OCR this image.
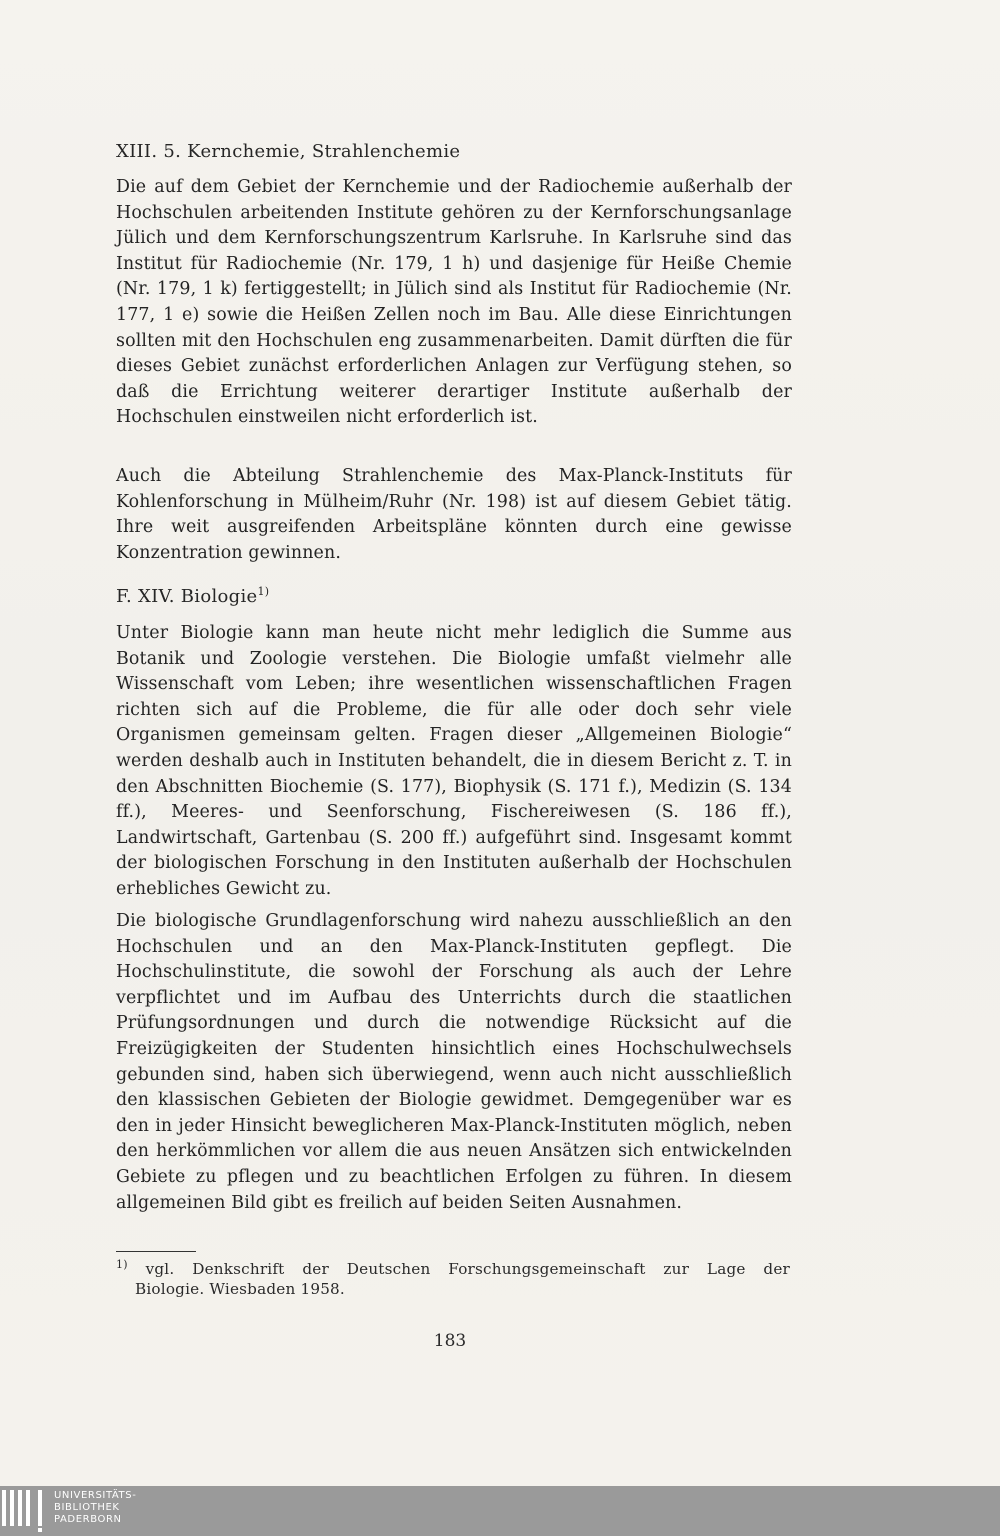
XIII. 5. Kernchemie, Strahlenchemie

Die auf dem Gebiet der Kernchemie und der Radiochemie außerhalb der Hochschulen arbeitenden Institute gehören zu der Kernforschungsanlage Jülich und dem Kernforschungszentrum Karlsruhe. In Karlsruhe sind das Institut für Radiochemie (Nr. 179, 1 h) und dasjenige für Heiße Chemie (Nr. 179, 1 k) fertiggestellt; in Jülich sind als Institut für Radiochemie (Nr. 177, 1 e) sowie die Heißen Zellen noch im Bau. Alle diese Einrichtungen sollten mit den Hochschulen eng zusammenarbeiten. Damit dürften die für dieses Gebiet zunächst erforderlichen Anlagen zur Verfügung stehen, so daß die Errichtung weiterer derartiger Institute außerhalb der Hochschulen einstweilen nicht erforderlich ist.

Auch die Abteilung Strahlenchemie des Max-Planck-Instituts für Kohlenforschung in Mülheim/Ruhr (Nr. 198) ist auf diesem Gebiet tätig. Ihre weit ausgreifenden Arbeitspläne könnten durch eine gewisse Konzentration gewinnen.

F. XIV. Biologie$^{1)}$

Unter Biologie kann man heute nicht mehr lediglich die Summe aus Botanik und Zoologie verstehen. Die Biologie umfaßt vielmehr alle Wissenschaft vom Leben; ihre wesentlichen wissenschaftlichen Fragen richten sich auf die Probleme, die für alle oder doch sehr viele Organismen gemeinsam gelten. Fragen dieser „Allgemeinen Biologie“ werden deshalb auch in Instituten behandelt, die in diesem Bericht z. T. in den Abschnitten Biochemie (S. 177), Biophysik (S. 171 f.), Medizin (S. 134 ff.), Meeres- und Seenforschung, Fischereiwesen (S. 186 ff.), Landwirtschaft, Gartenbau (S. 200 ff.) aufgeführt sind. Insgesamt kommt der biologischen Forschung in den Instituten außerhalb der Hochschulen erhebliches Gewicht zu.

Die biologische Grundlagenforschung wird nahezu ausschließlich an den Hochschulen und an den Max-Planck-Instituten gepflegt. Die Hochschulinstitute, die sowohl der Forschung als auch der Lehre verpflichtet und im Aufbau des Unterrichts durch die staatlichen Prüfungsordnungen und durch die notwendige Rücksicht auf die Freizügigkeiten der Studenten hinsichtlich eines Hochschulwechsels gebunden sind, haben sich überwiegend, wenn auch nicht ausschließlich den klassischen Gebieten der Biologie gewidmet. Demgegenüber war es den in jeder Hinsicht beweglicheren Max-Planck-Instituten möglich, neben den herkömmlichen vor allem die aus neuen Ansätzen sich entwickelnden Gebiete zu pflegen und zu beachtlichen Erfolgen zu führen. In diesem allgemeinen Bild gibt es freilich auf beiden Seiten Ausnahmen.

$^{1)}$ vgl. Denkschrift der Deutschen Forschungsgemeinschaft zur Lage der

Biologie. Wiesbaden 1958.

183
UNIVERSITÄTS-
BIBLIOTHEK
PADERBORN
